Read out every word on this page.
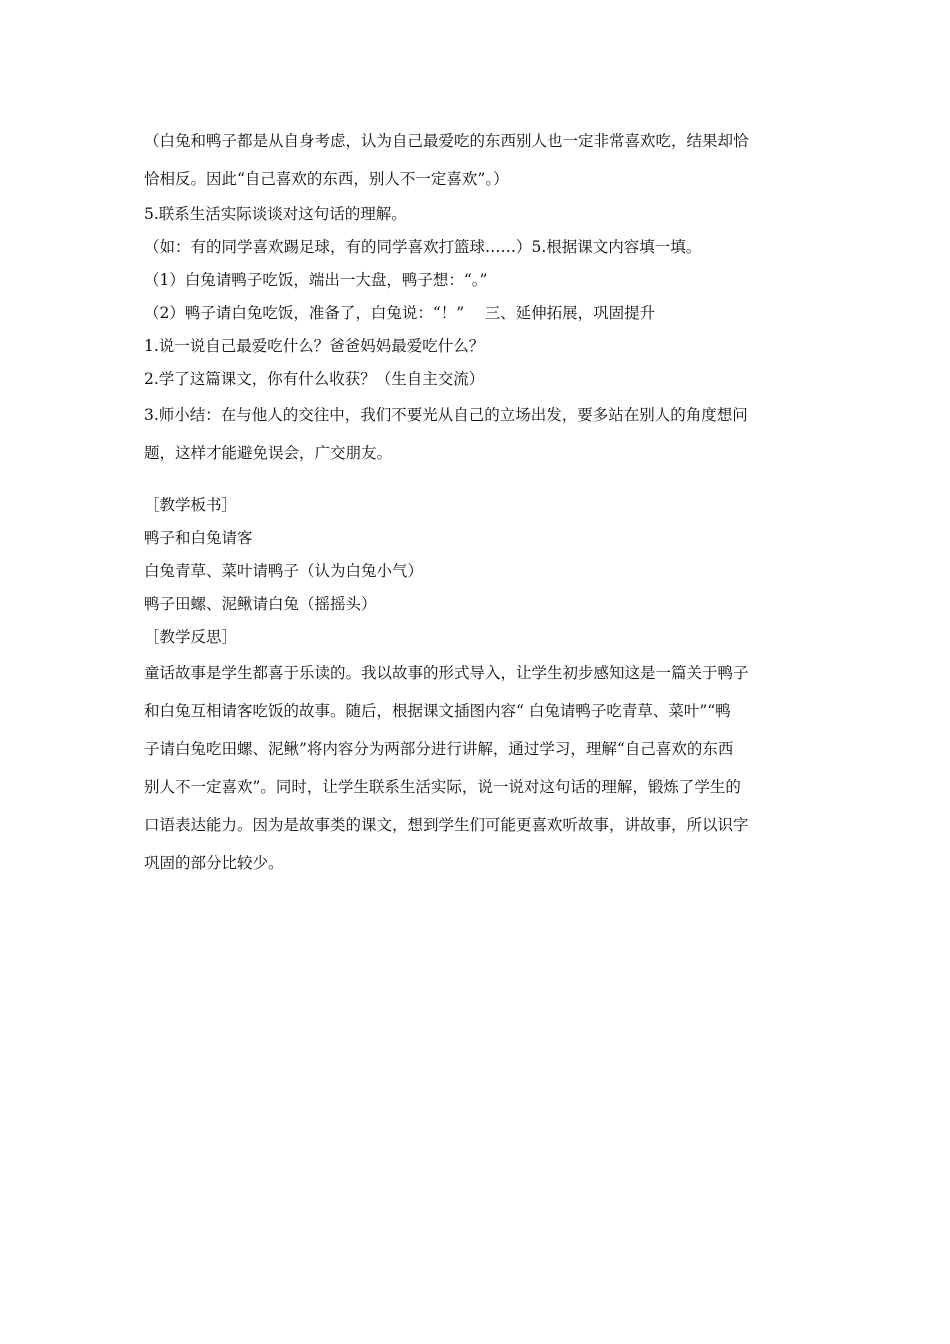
（白兔和鸭子都是从自身考虑，认为自己最爱吃的东西别人也一定非常喜欢吃，结果却恰

恰相反。因此“自己喜欢的东西，别人不一定喜欢”。）

5.联系生活实际谈谈对这句话的理解。

（如：有的同学喜欢踢足球，有的同学喜欢打篮球……）5.根据课文内容填一填。

（1）白兔请鸭子吃饭，端出一大盘，鸭子想：“。”

（2）鸭子请白兔吃饭，准备了，白兔说：“！”　 三、延伸拓展，巩固提升

1.说一说自己最爱吃什么？爸爸妈妈最爱吃什么？

2.学了这篇课文，你有什么收获？（生自主交流）

3.师小结：在与他人的交往中，我们不要光从自己的立场出发，要多站在别人的角度想问

题，这样才能避免误会，广交朋友。

［教学板书］

鸭子和白兔请客

白兔青草、菜叶请鸭子（认为白兔小气）

鸭子田螺、泥鳅请白兔（摇摇头）

［教学反思］

童话故事是学生都喜于乐读的。我以故事的形式导入，让学生初步感知这是一篇关于鸭子

和白兔互相请客吃饭的故事。随后，根据课文插图内容“ 白兔请鸭子吃青草、菜叶”“鸭

子请白兔吃田螺、泥鳅”将内容分为两部分进行讲解，通过学习，理解“自己喜欢的东西

别人不一定喜欢”。同时，让学生联系生活实际，说一说对这句话的理解，锻炼了学生的

口语表达能力。因为是故事类的课文，想到学生们可能更喜欢听故事，讲故事，所以识字

巩固的部分比较少。
